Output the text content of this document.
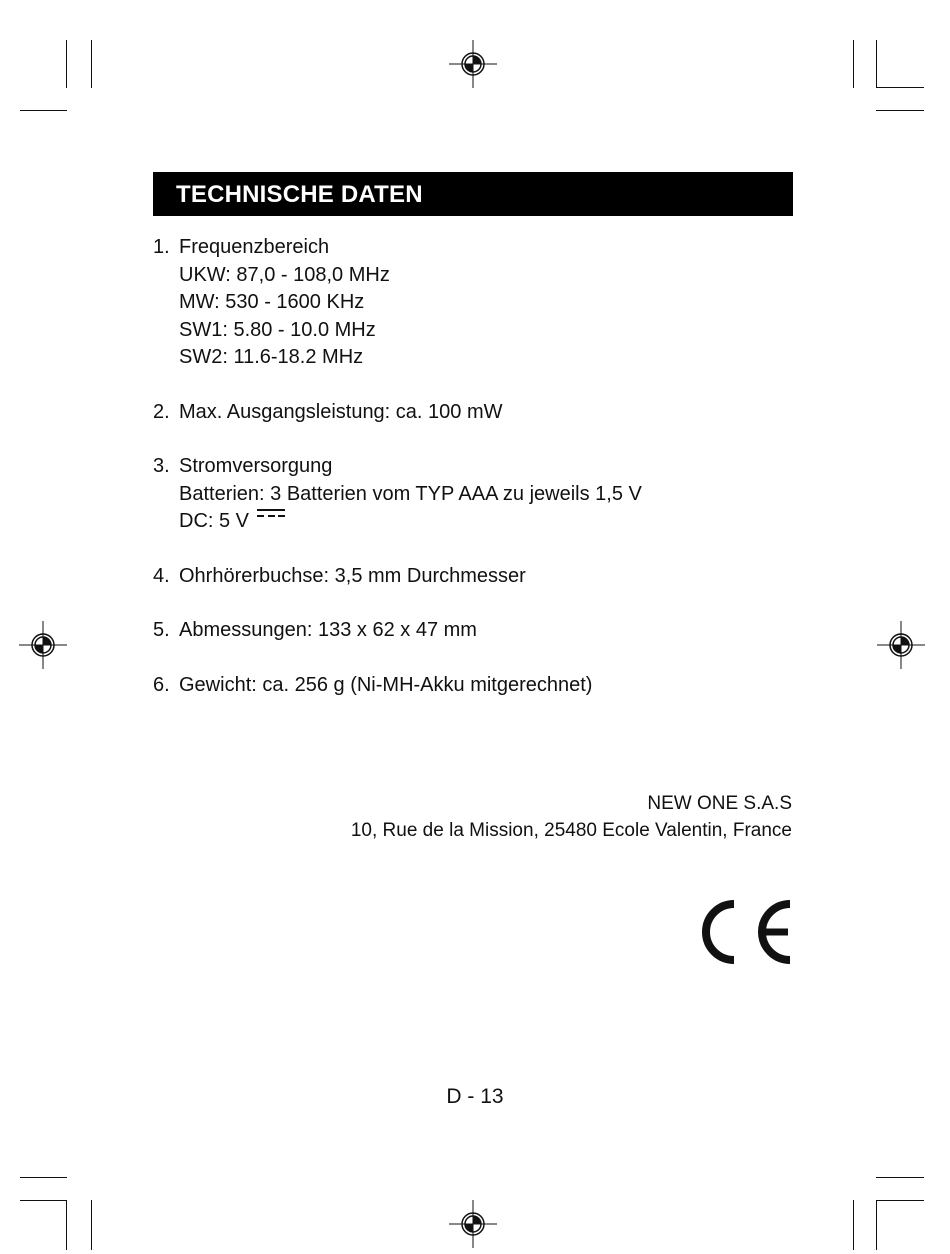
TECHNISCHE DATEN
1. Frequenzbereich
UKW: 87,0 - 108,0 MHz
MW: 530 - 1600 KHz
SW1: 5.80 - 10.0 MHz
SW2: 11.6-18.2 MHz
2. Max. Ausgangsleistung: ca. 100 mW
3. Stromversorgung
Batterien: 3 Batterien vom TYP AAA zu jeweils 1,5 V
DC: 5 V
4. Ohrhörerbuchse: 3,5 mm Durchmesser
5. Abmessungen: 133 x 62 x 47 mm
6. Gewicht: ca. 256 g (Ni-MH-Akku mitgerechnet)
NEW ONE S.A.S
10, Rue de la Mission, 25480 Ecole Valentin, France
D - 13
